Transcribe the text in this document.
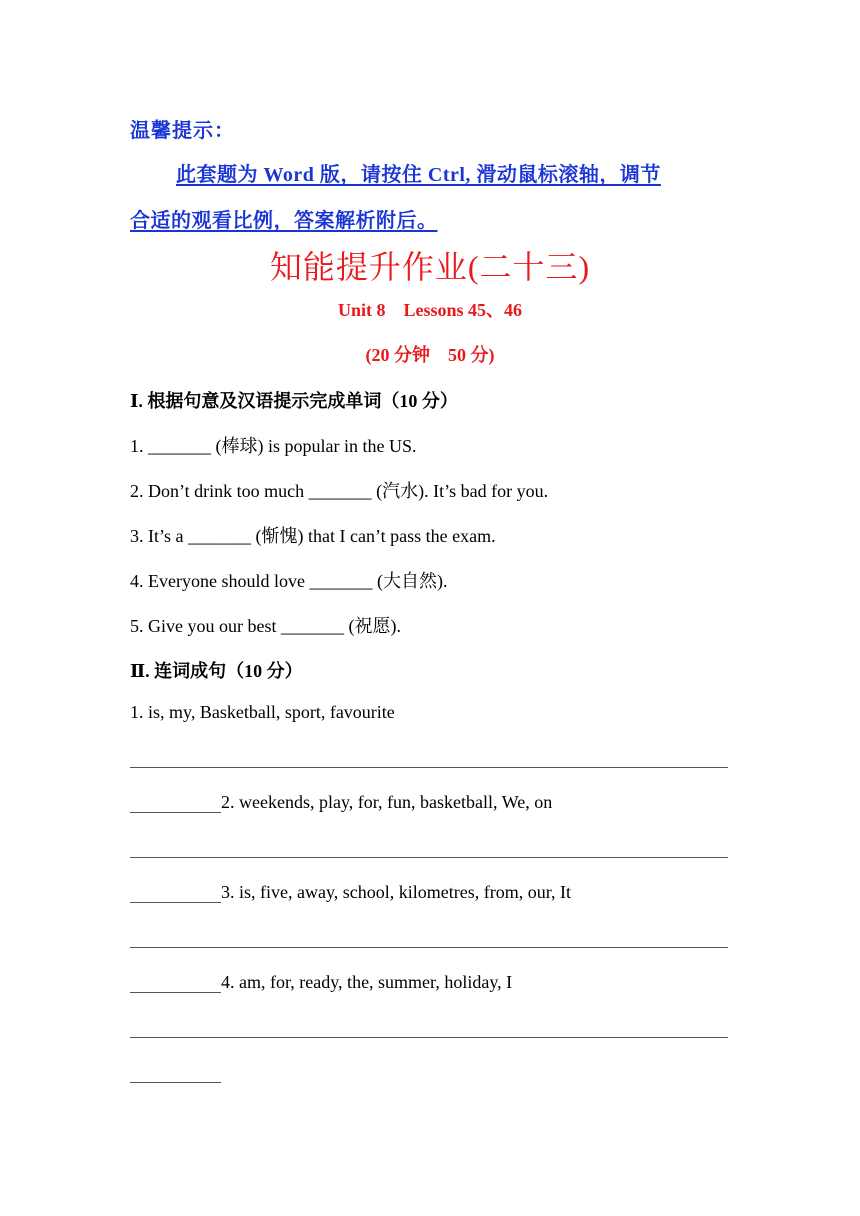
温馨提示：
此套题为 Word 版，请按住 Ctrl, 滑动鼠标滚轴，调节
合适的观看比例，答案解析附后。
知能提升作业(二十三)
Unit 8　Lessons 45、46
(20 分钟　50 分)
Ⅰ. 根据句意及汉语提示完成单词（10 分）
1. _______ (棒球) is popular in the US.
2. Don’t drink too much _______ (汽水). It’s bad for you.
3. It’s a _______ (惭愧) that I can’t pass the exam.
4. Everyone should love _______ (大自然).
5. Give you our best _______ (祝愿).
Ⅱ. 连词成句（10 分）
1. is, my, Basketball, sport, favourite
2. weekends, play, for, fun, basketball, We, on
3. is, five, away, school, kilometres, from, our, It
4. am, for, ready, the, summer, holiday, I
